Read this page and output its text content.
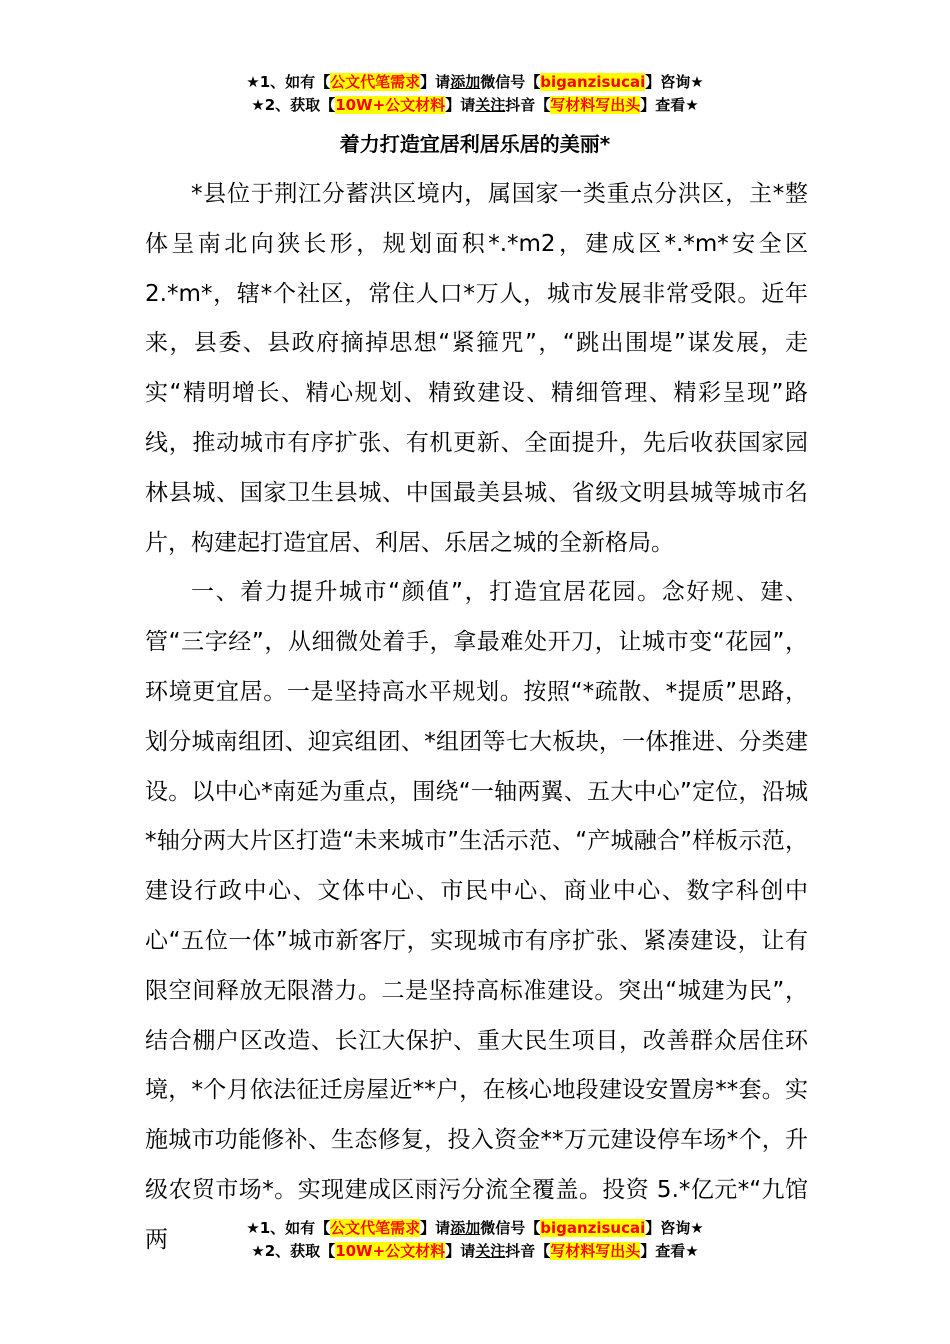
★1、如有【公文代笔需求】请添加微信号【biganzisucai】咨询★
★2、获取【10W+公文材料】请关注抖音【写材料写出头】查看★
着力打造宜居利居乐居的美丽*

*县位于荆江分蓄洪区境内，属国家一类重点分洪区，主*整体呈南北向狭长形，规划面积*.*m2，建成区*.*m*安全区 2.*m*，辖*个社区，常住人口*万人，城市发展非常受限。近年来，县委、县政府摘掉思想“紧箍咒”，“跳出围堤”谋发展，走实“精明增长、精心规划、精致建设、精细管理、精彩呈现”路线，推动城市有序扩张、有机更新、全面提升，先后收获国家园林县城、国家卫生县城、中国最美县城、省级文明县城等城市名片，构建起打造宜居、利居、乐居之城的全新格局。

一、着力提升城市“颜值”，打造宜居花园。念好规、建、管“三字经”，从细微处着手，拿最难处开刀，让城市变“花园”，环境更宜居。一是坚持高水平规划。按照“*疏散、*提质”思路，划分城南组团、迎宾组团、*组团等七大板块，一体推进、分类建设。以中心*南延为重点，围绕“一轴两翼、五大中心”定位，沿城*轴分两大片区打造“未来城市”生活示范、“产城融合”样板示范，建设行政中心、文体中心、市民中心、商业中心、数字科创中心“五位一体”城市新客厅，实现城市有序扩张、紧凑建设，让有限空间释放无限潜力。二是坚持高标准建设。突出“城建为民”，结合棚户区改造、长江大保护、重大民生项目，改善群众居住环境，*个月依法征迁房屋近**户，在核心地段建设安置房**套。实施城市功能修补、生态修复，投入资金**万元建设停车场*个，升级农贸市场*。实现建成区雨污分流全覆盖。投资 5.*亿元*“九馆两	★1、如有【公文代笔需求】请添加微信号【biganzisucai】咨询★
★2、获取【10W+公文材料】请关注抖音【写材料写出头】查看★
